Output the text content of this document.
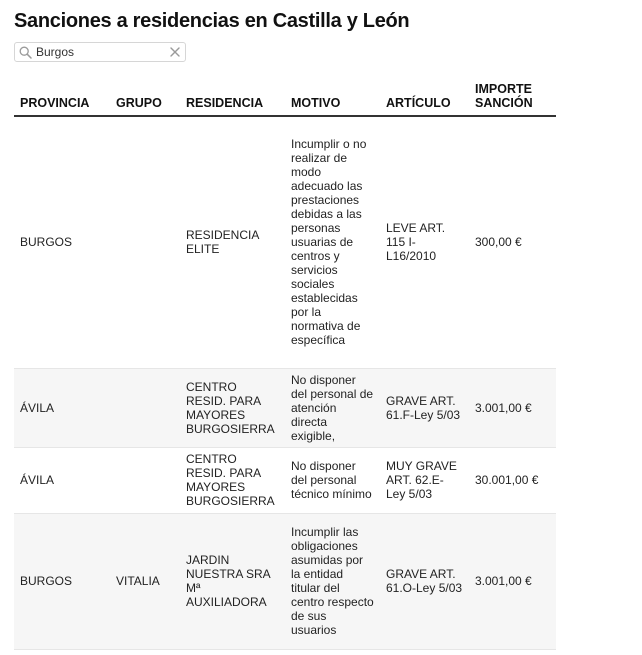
Sanciones a residencias en Castilla y León
Burgos
PROVINCIA	GRUPO	RESIDENCIA	MOTIVO	ARTÍCULO	IMPORTE SANCIÓN
BURGOS		RESIDENCIA ELITE	Incumplir o no realizar de modo adecuado las prestaciones debidas a las personas usuarias de centros y servicios sociales establecidas por la normativa de específica	LEVE ART. 115 I-L16/2010	300,00 €
ÁVILA		CENTRO RESID. PARA MAYORES BURGOSIERRA	No disponer del personal de atención directa exigible,	GRAVE ART. 61.F-Ley 5/03	3.001,00 €
ÁVILA		CENTRO RESID. PARA MAYORES BURGOSIERRA	No disponer del personal técnico mínimo	MUY GRAVE ART. 62.E-Ley 5/03	30.001,00 €
BURGOS	VITALIA	JARDIN NUESTRA SRA Mª AUXILIADORA	Incumplir las obligaciones asumidas por la entidad titular del centro respecto de sus usuarios	GRAVE ART. 61.O-Ley 5/03	3.001,00 €
